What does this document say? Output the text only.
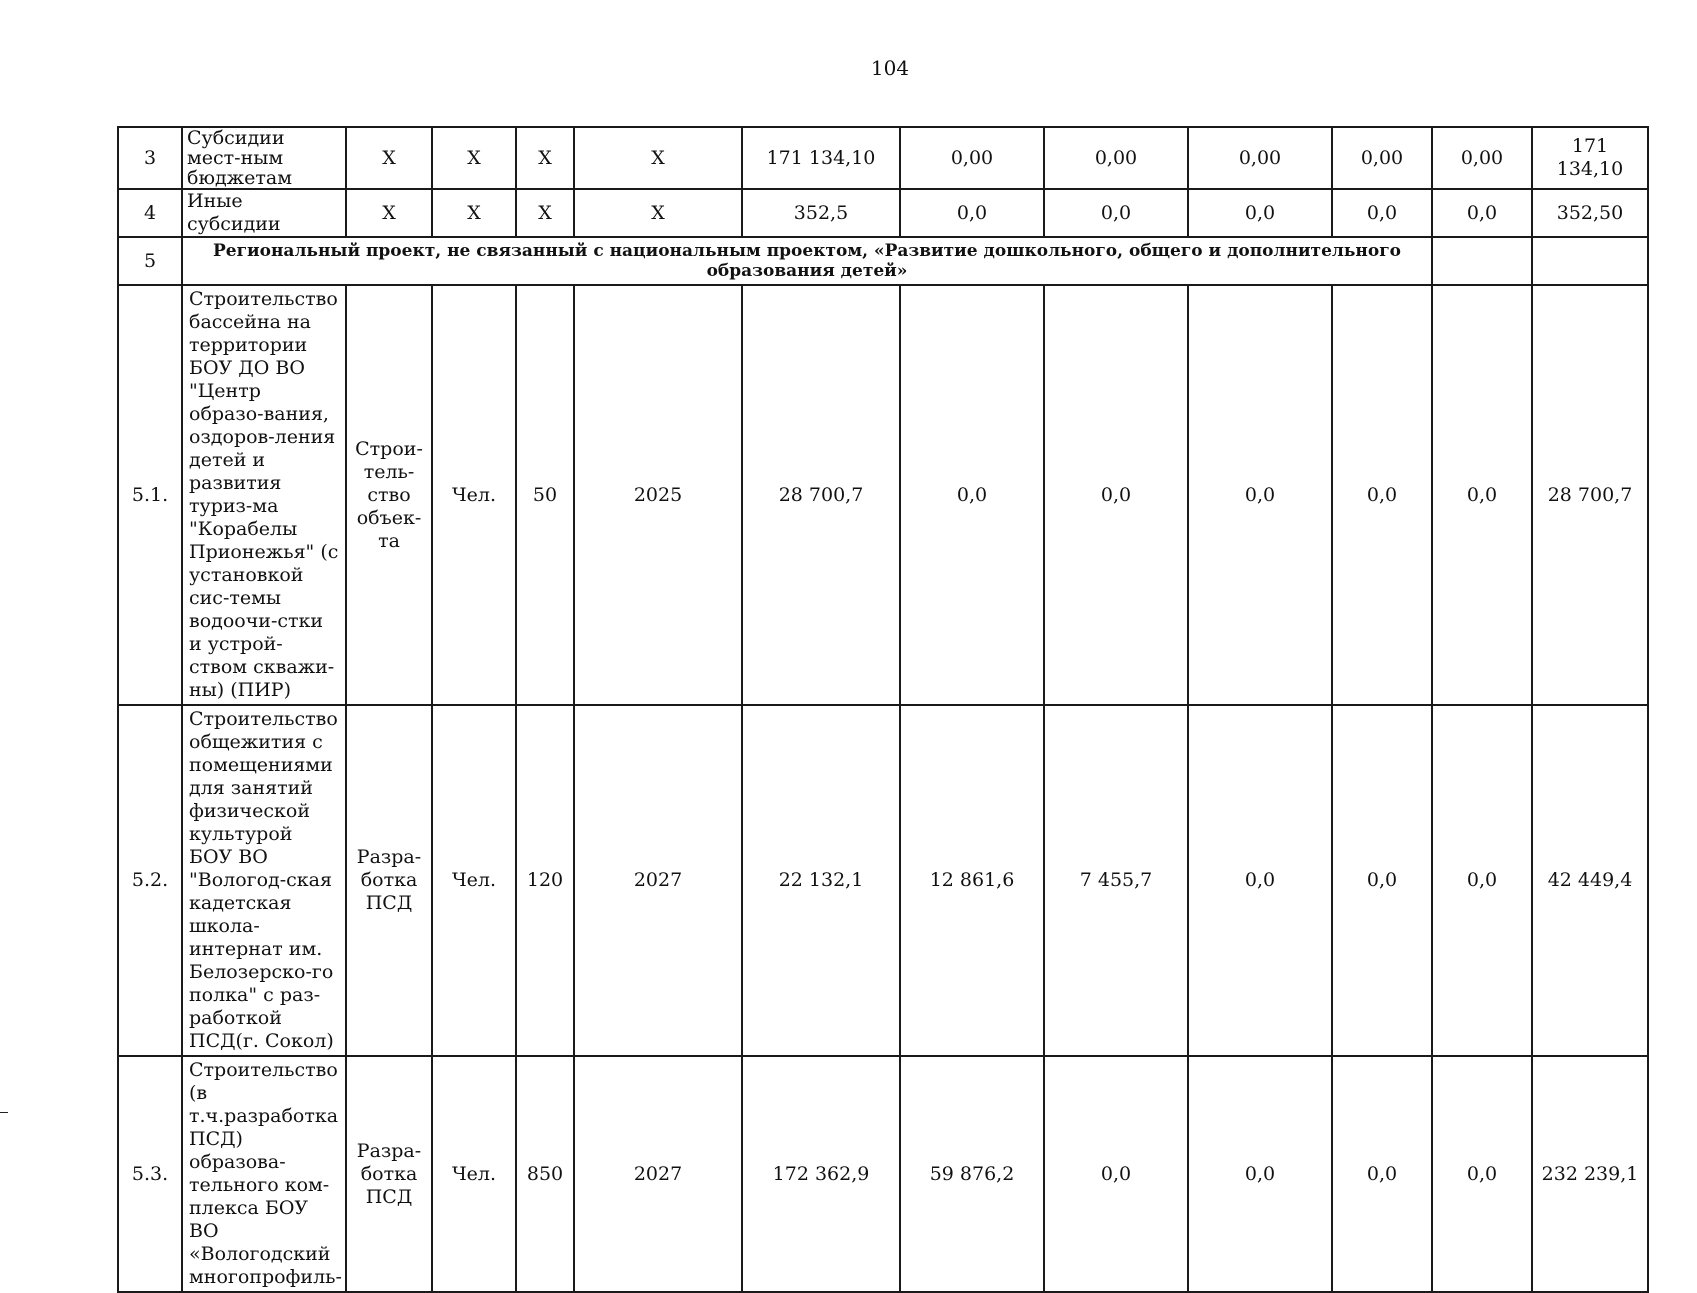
104
3	Субсидии мест-ным бюджетам	Х	Х	Х	Х	171 134,10	0,00	0,00	0,00	0,00	0,00	171 134,10
4	Иные субсидии	Х	Х	Х	Х	352,5	0,0	0,0	0,0	0,0	0,0	352,50
5	Региональный проект, не связанный с национальным проектом, «Развитие дошкольного, общего и дополнительного образования детей»											
5.1.	Строительство бассейна на территории БОУ ДО ВО "Центр образо-вания, оздоров-ления детей и развития туриз-ма "Корабелы Прионежья" (с установкой сис-темы водоочи-стки и устрой-ством скважи-ны) (ПИР)	Строи-тель-ство объек-та	Чел.	50	2025	28 700,7	0,0	0,0	0,0	0,0	0,0	28 700,7
5.2.	Строительство общежития с помещениями для занятий физической культурой БОУ ВО "Вологод-ская кадетская школа-интернат им. Белозерско-го полка" с раз-работкой ПСД(г. Сокол)	Разра-ботка ПСД	Чел.	120	2027	22 132,1	12 861,6	7 455,7	0,0	0,0	0,0	42 449,4
5.3.	Строительство (в т.ч.разработка ПСД) образова-тельного ком-плекса БОУ ВО «Вологодский многопрофиль-	Разра-ботка ПСД	Чел.	850	2027	172 362,9	59 876,2	0,0	0,0	0,0	0,0	232 239,1
